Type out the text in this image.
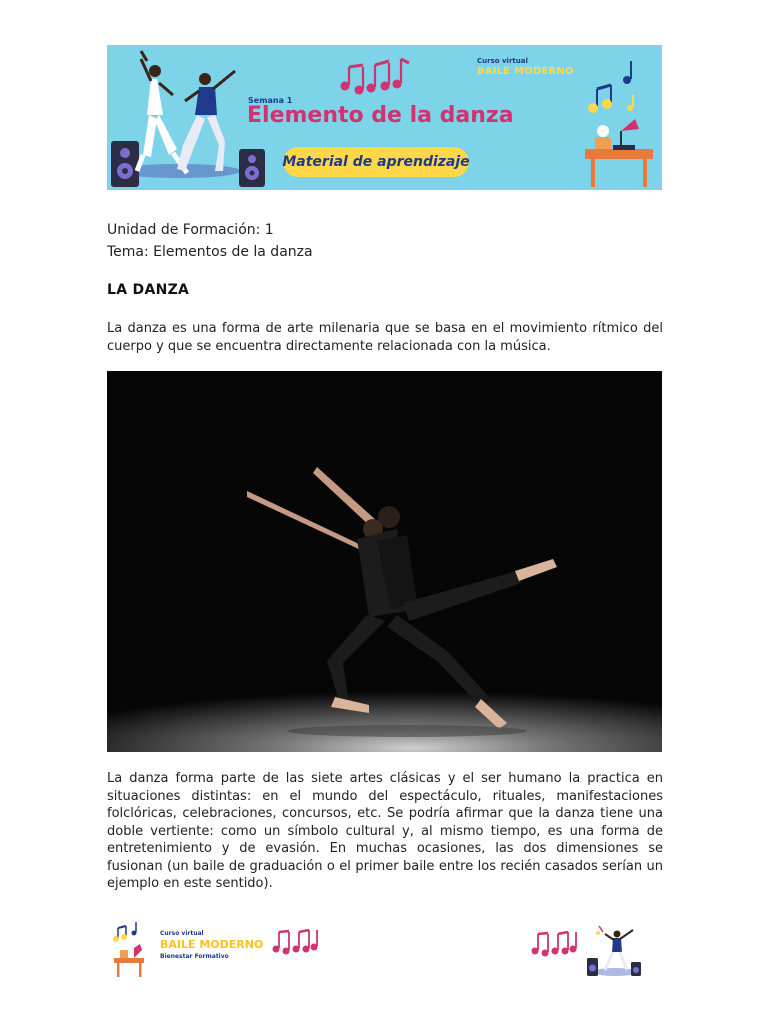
Curso virtual
BAILE MODERNO
Semana 1
Elemento de la danza
Material de aprendizaje
Unidad de Formación: 1
Tema: Elementos de la danza
LA DANZA
La danza es una forma de arte milenaria que se basa en el movimiento rítmico del cuerpo y que se encuentra directamente relacionada con la música.
La danza forma parte de las siete artes clásicas y el ser humano la practica en situaciones distintas: en el mundo del espectáculo, rituales, manifestaciones folclóricas, celebraciones, concursos, etc. Se podría afirmar que la danza tiene una doble vertiente: como un símbolo cultural y, al mismo tiempo, es una forma de entretenimiento y de evasión. En muchas ocasiones, las dos dimensiones se fusionan (un baile de graduación o el primer baile entre los recién casados serían un ejemplo en este sentido).
Curso virtual
BAILE MODERNO
Bienestar Formativo
